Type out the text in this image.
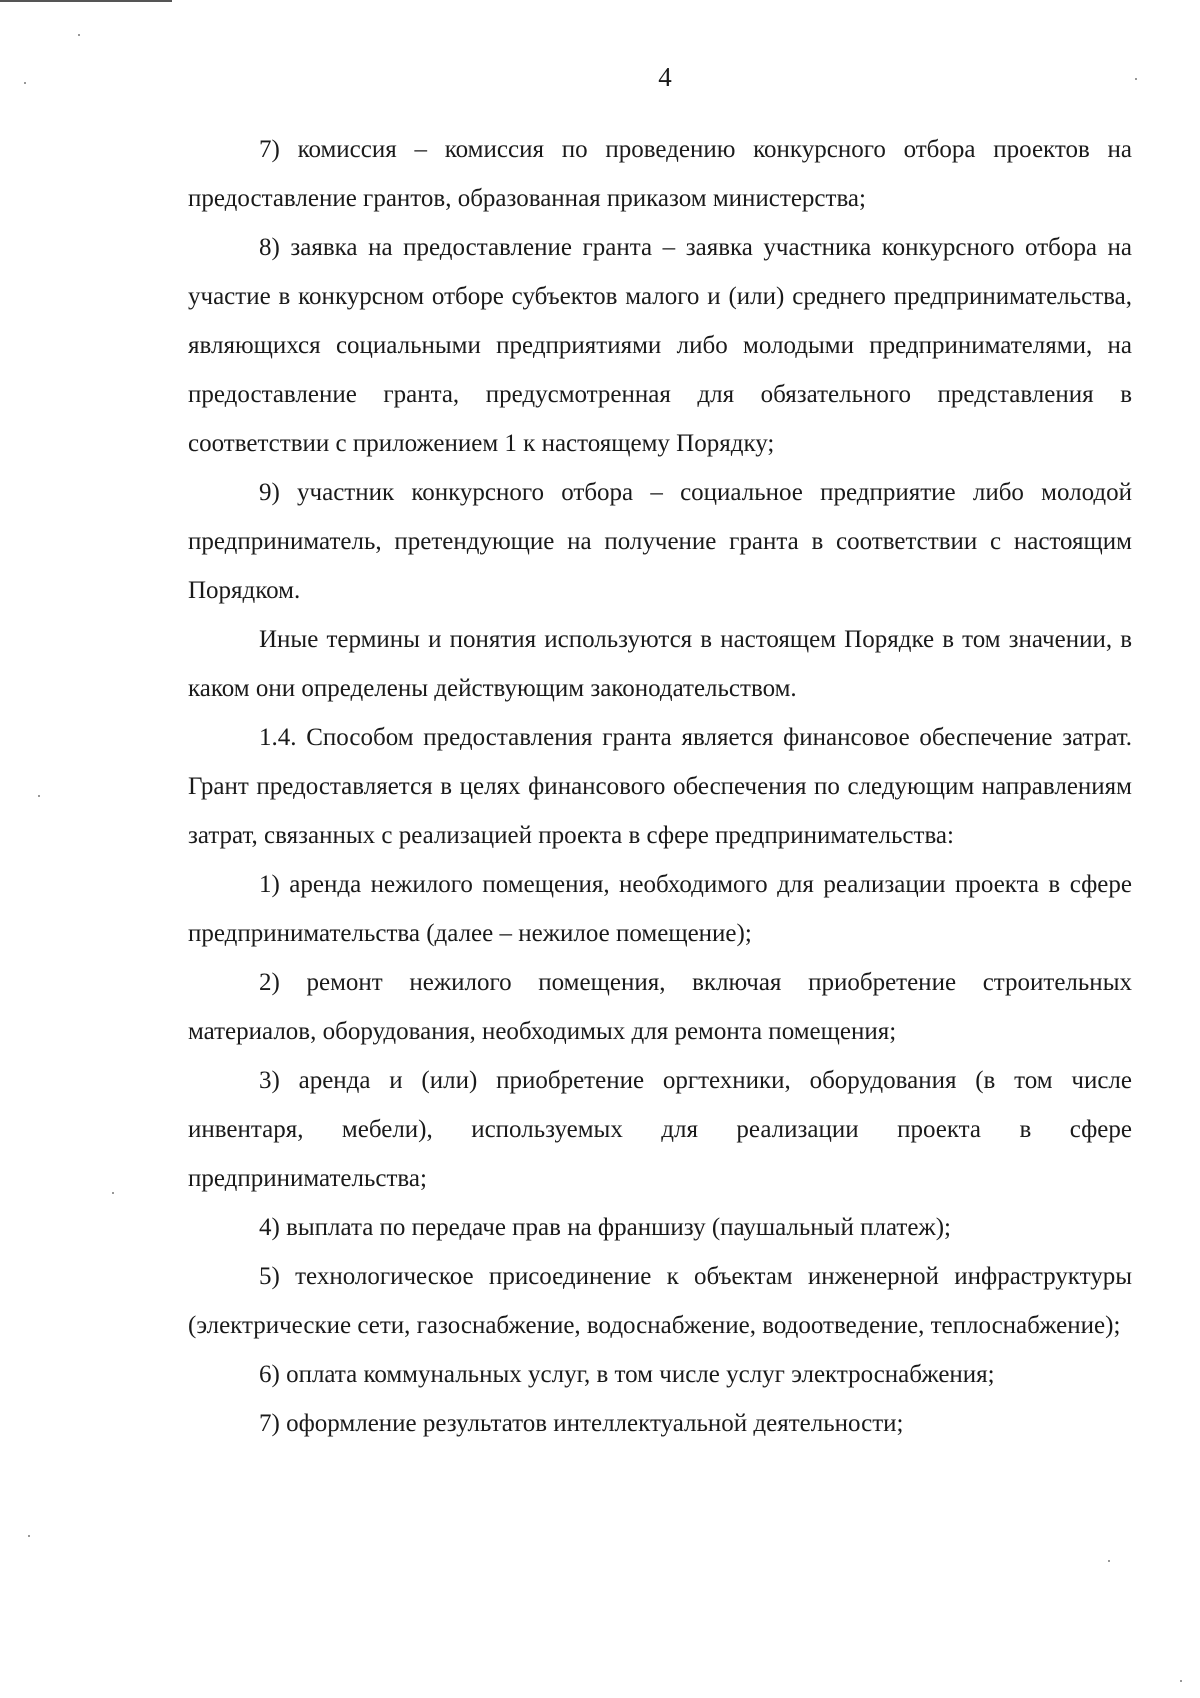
4

7) комиссия – комиссия по проведению конкурсного отбора проектов на предоставление грантов, образованная приказом министерства;

8) заявка на предоставление гранта – заявка участника конкурсного отбора на участие в конкурсном отборе субъектов малого и (или) среднего предпринимательства, являющихся социальными предприятиями либо молодыми предпринимателями, на предоставление гранта, предусмотренная для обязательного представления в соответствии с приложением 1 к настоящему Порядку;

9) участник конкурсного отбора – социальное предприятие либо молодой предприниматель, претендующие на получение гранта в соответствии с настоящим Порядком.

Иные термины и понятия используются в настоящем Порядке в том значении, в каком они определены действующим законодательством.

1.4. Способом предоставления гранта является финансовое обеспечение затрат. Грант предоставляется в целях финансового обеспечения по следующим направлениям затрат, связанных с реализацией проекта в сфере предпринимательства:

1) аренда нежилого помещения, необходимого для реализации проекта в сфере предпринимательства (далее – нежилое помещение);

2) ремонт нежилого помещения, включая приобретение строительных материалов, оборудования, необходимых для ремонта помещения;

3) аренда и (или) приобретение оргтехники, оборудования (в том числе инвентаря, мебели), используемых для реализации проекта в сфере предпринимательства;

4) выплата по передаче прав на франшизу (паушальный платеж);

5) технологическое присоединение к объектам инженерной инфраструктуры (электрические сети, газоснабжение, водоснабжение, водоотведение, теплоснабжение);

6) оплата коммунальных услуг, в том числе услуг электроснабжения;

7) оформление результатов интеллектуальной деятельности;
